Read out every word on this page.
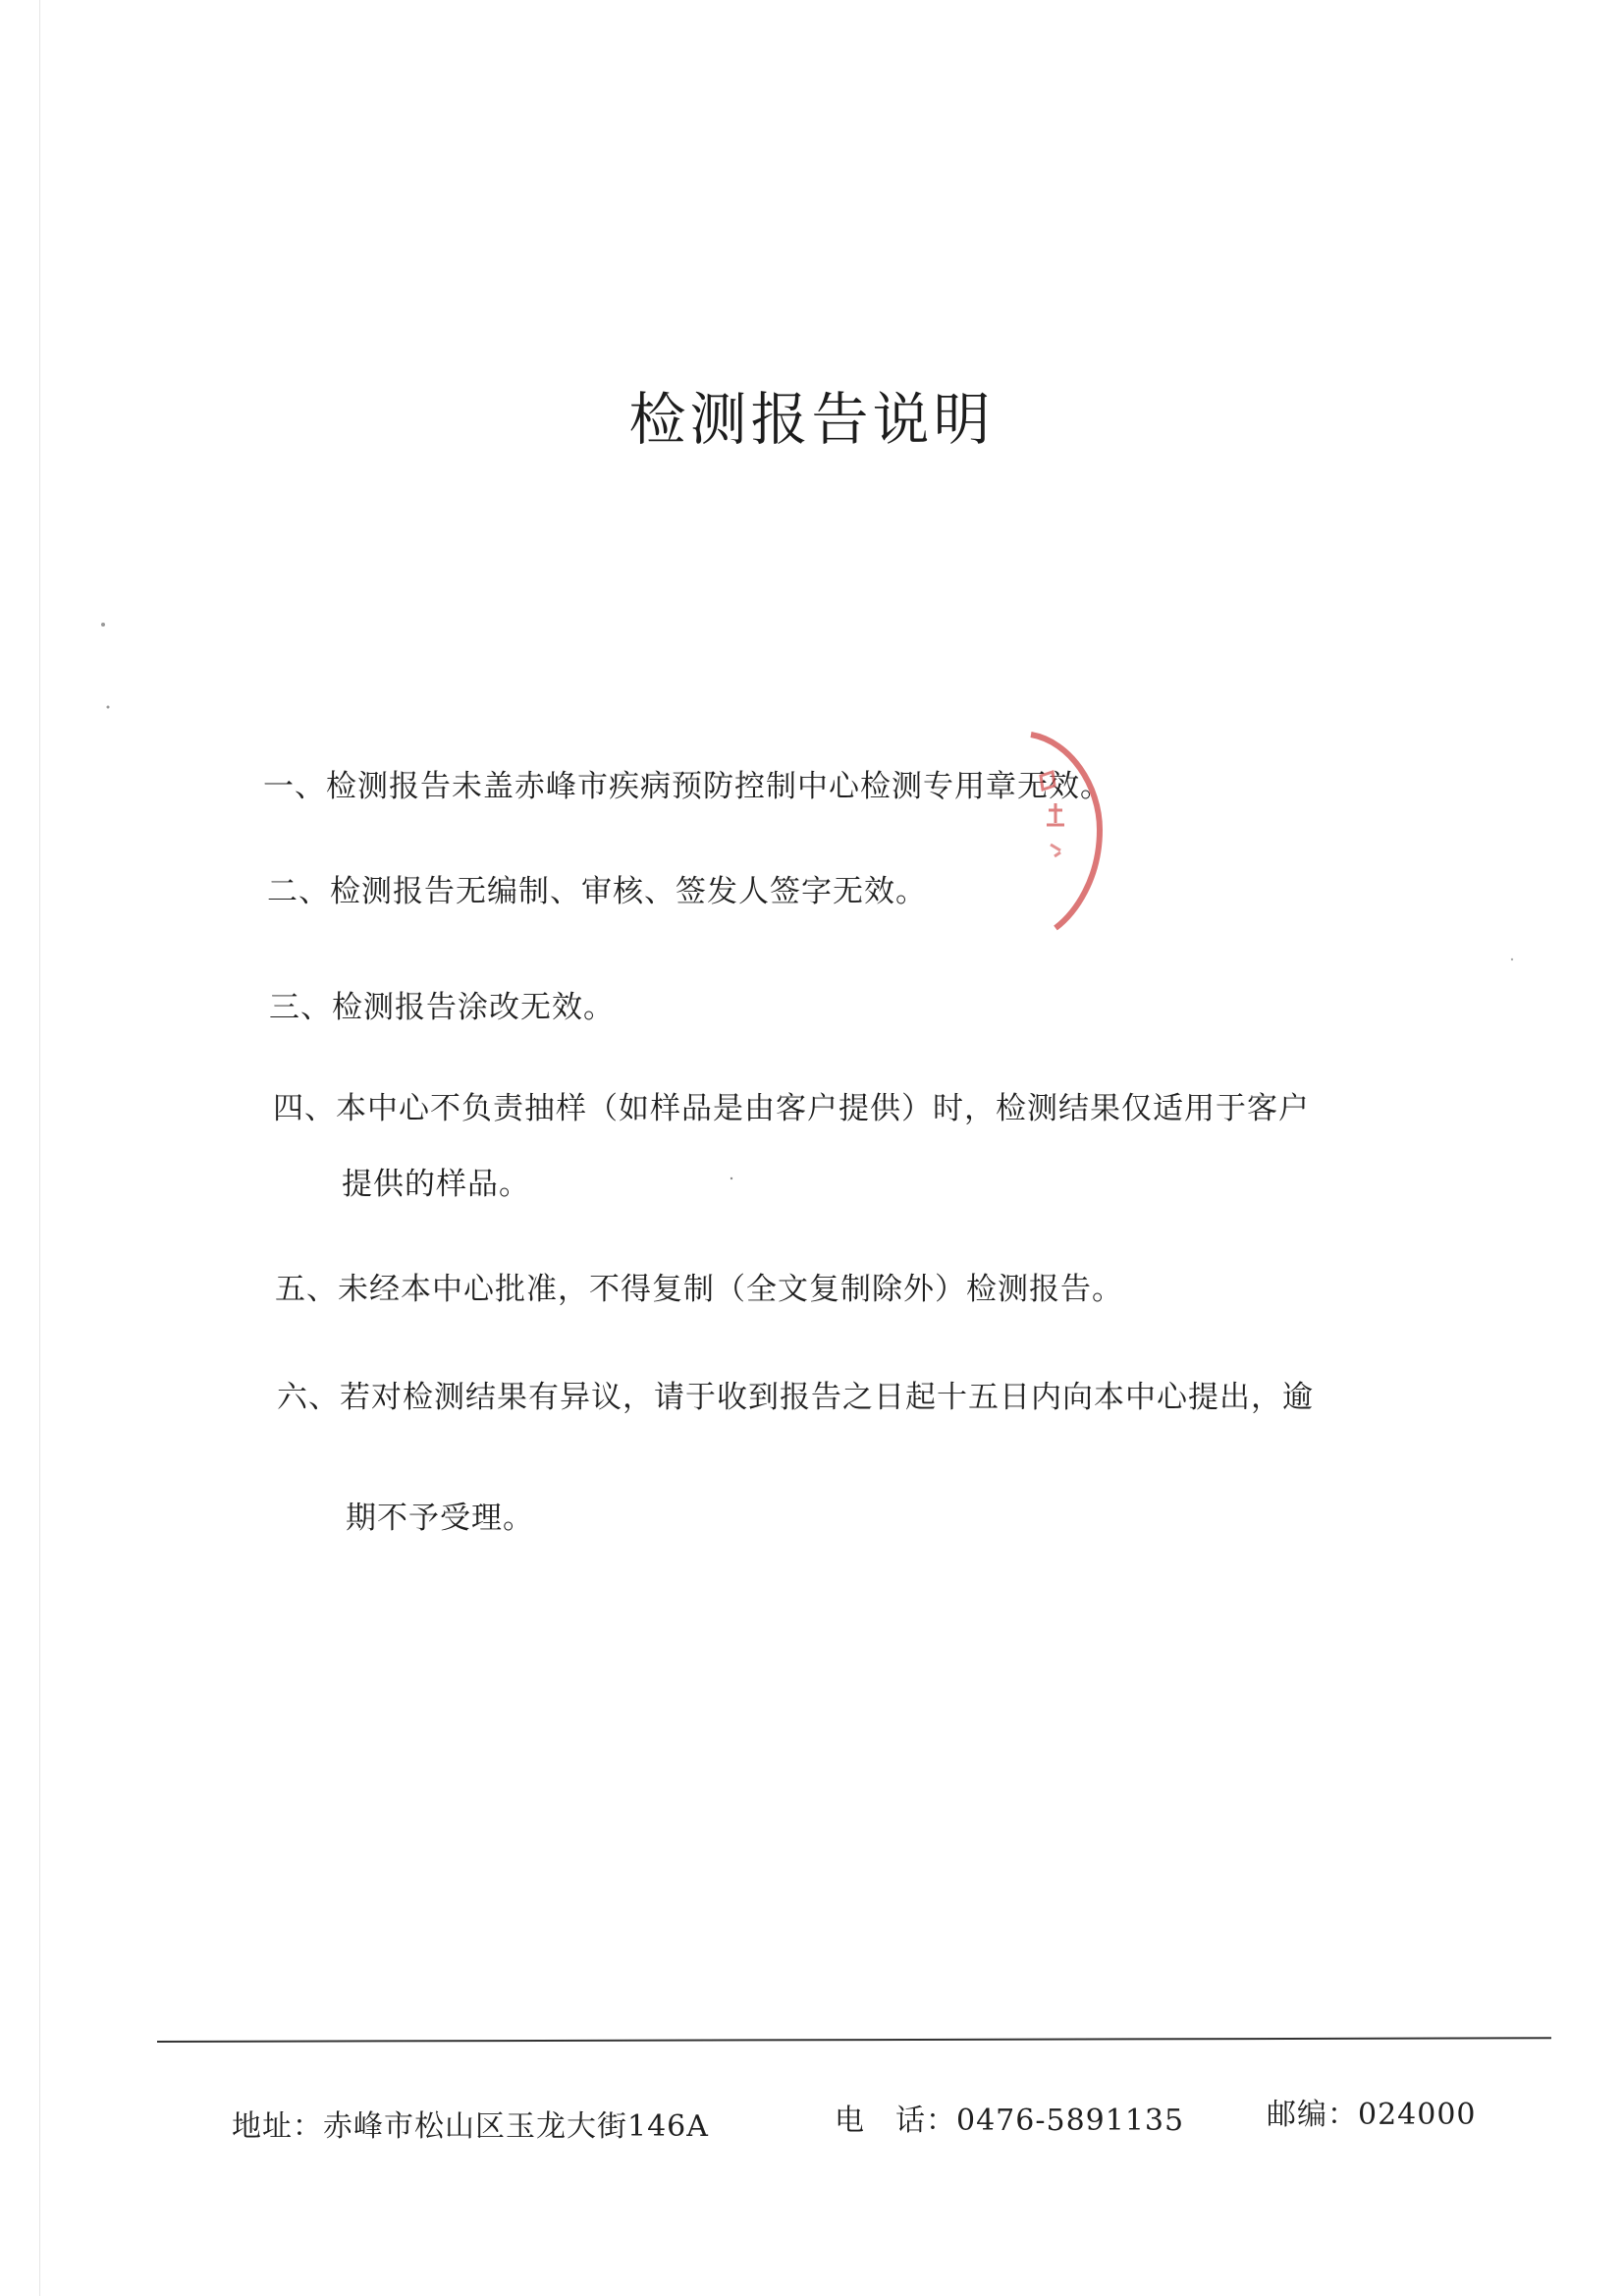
检测报告说明
一、检测报告未盖赤峰市疾病预防控制中心检测专用章无效。
二、检测报告无编制、审核、签发人签字无效。
三、检测报告涂改无效。
四、本中心不负责抽样（如样品是由客户提供）时，检测结果仅适用于客户
提供的样品。
五、未经本中心批准，不得复制（全文复制除外）检测报告。
六、若对检测结果有异议，请于收到报告之日起十五日内向本中心提出，逾
期不予受理。
地址：赤峰市松山区玉龙大街146A	电　话：0476-5891135	邮编：024000
